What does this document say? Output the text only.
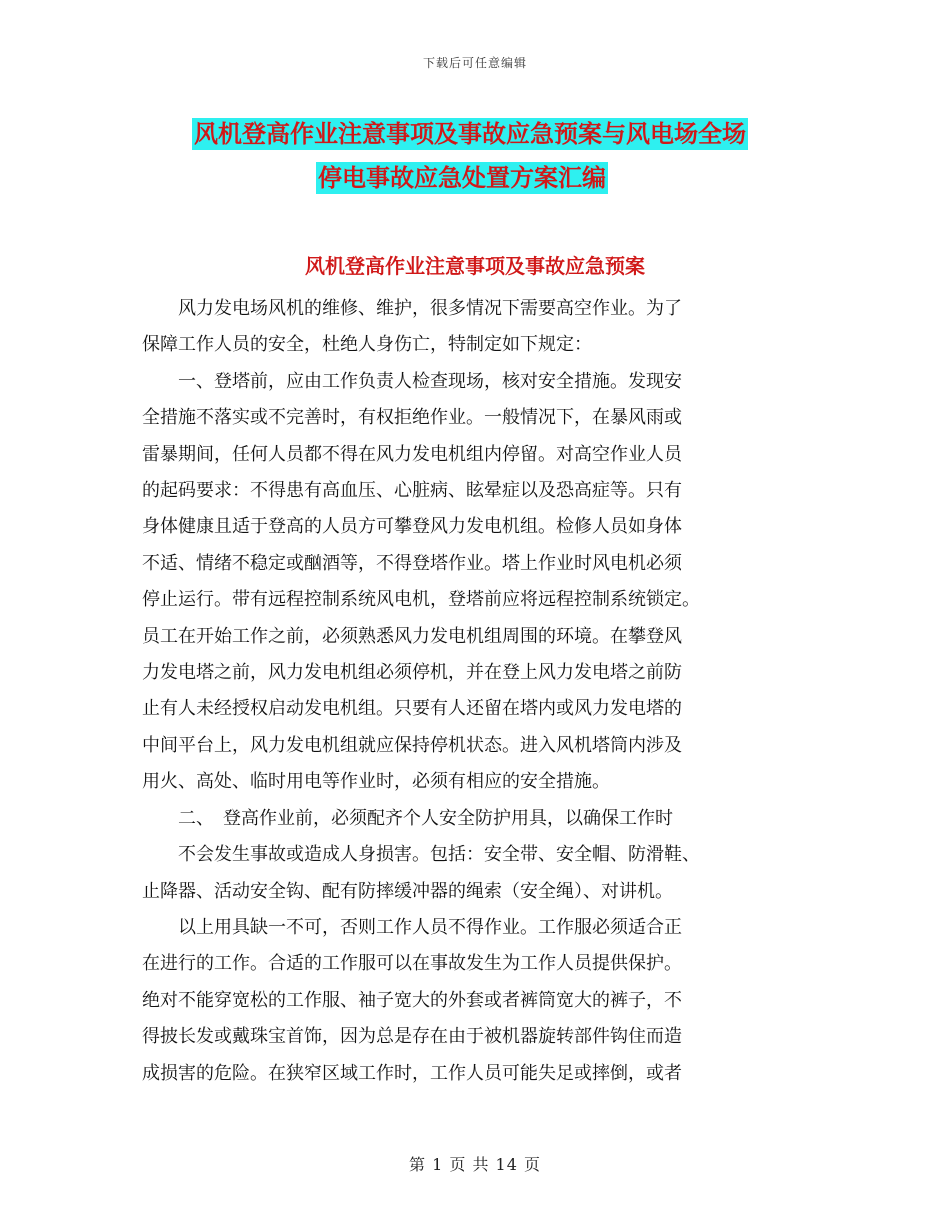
下载后可任意编辑
风机登高作业注意事项及事故应急预案与风电场全场
停电事故应急处置方案汇编
风机登高作业注意事项及事故应急预案
　　风力发电场风机的维修、维护，很多情况下需要高空作业。为了
保障工作人员的安全，杜绝人身伤亡，特制定如下规定：
　　一、登塔前，应由工作负责人检查现场，核对安全措施。发现安
全措施不落实或不完善时，有权拒绝作业。一般情况下，在暴风雨或
雷暴期间，任何人员都不得在风力发电机组内停留。对高空作业人员
的起码要求：不得患有高血压、心脏病、眩晕症以及恐高症等。只有
身体健康且适于登高的人员方可攀登风力发电机组。检修人员如身体
不适、情绪不稳定或酗酒等，不得登塔作业。塔上作业时风电机必须
停止运行。带有远程控制系统风电机，登塔前应将远程控制系统锁定。
员工在开始工作之前，必须熟悉风力发电机组周围的环境。在攀登风
力发电塔之前，风力发电机组必须停机，并在登上风力发电塔之前防
止有人未经授权启动发电机组。只要有人还留在塔内或风力发电塔的
中间平台上，风力发电机组就应保持停机状态。进入风机塔筒内涉及
用火、高处、临时用电等作业时，必须有相应的安全措施。
　　二、　登高作业前，必须配齐个人安全防护用具，以确保工作时
　　不会发生事故或造成人身损害。包括：安全带、安全帽、防滑鞋、
止降器、活动安全钩、配有防摔缓冲器的绳索（安全绳）、对讲机。
　　以上用具缺一不可，否则工作人员不得作业。工作服必须适合正
在进行的工作。合适的工作服可以在事故发生为工作人员提供保护。
绝对不能穿宽松的工作服、袖子宽大的外套或者裤筒宽大的裤子，不
得披长发或戴珠宝首饰，因为总是存在由于被机器旋转部件钩住而造
成损害的危险。在狭窄区域工作时，工作人员可能失足或摔倒，或者
第 1 页 共 14 页
